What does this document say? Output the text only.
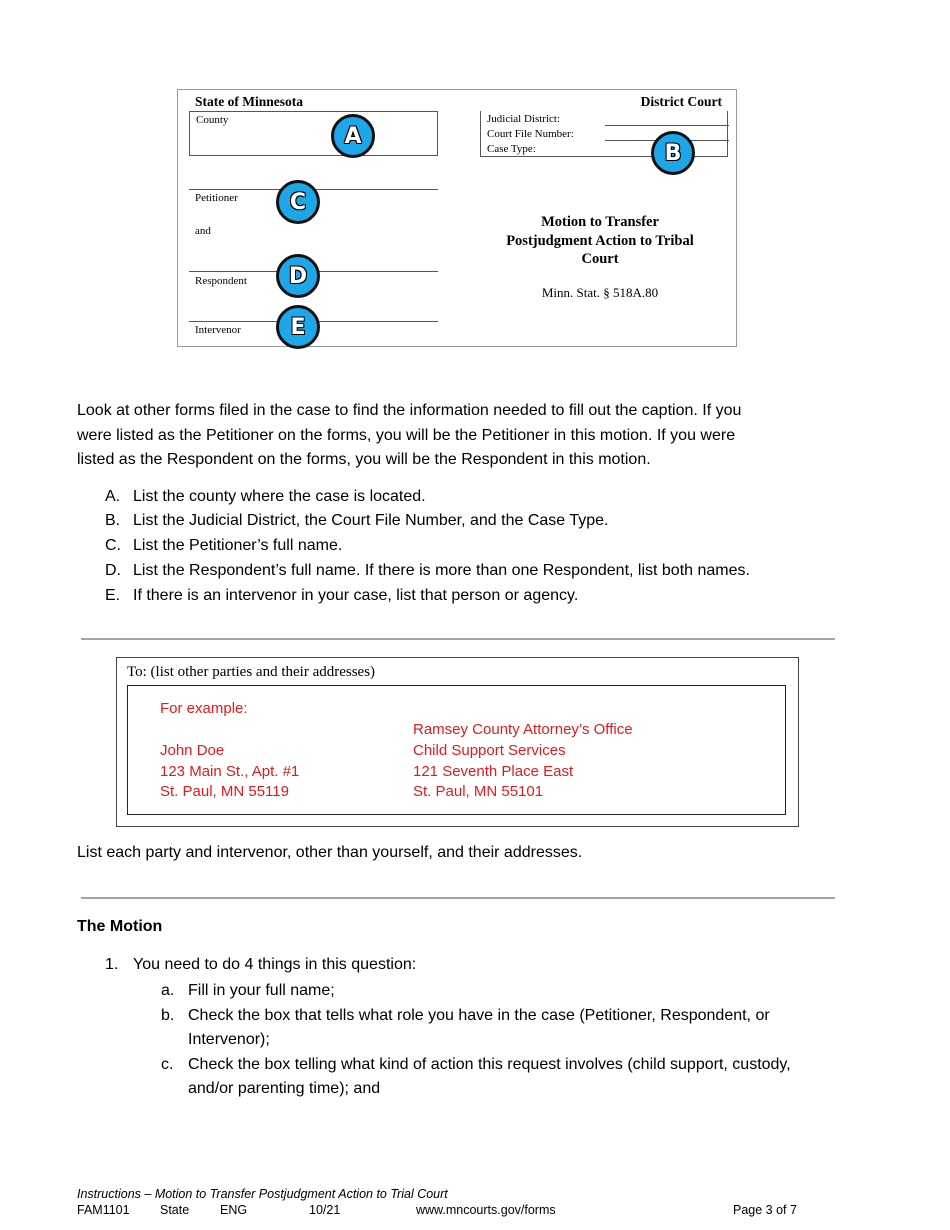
State of Minnesota	District Court
County	Judicial District:
Court File Number:
Case Type:
Petitioner
and
Respondent
Intervenor
Motion to Transfer
Postjudgment Action to Tribal
Court
Minn. Stat. § 518A.80
A
B
C
D
E
Look at other forms filed in the case to find the information needed to fill out the caption. If you
were listed as the Petitioner on the forms, you will be the Petitioner in this motion. If you were
listed as the Respondent on the forms, you will be the Respondent in this motion.
A. List the county where the case is located.
B. List the Judicial District, the Court File Number, and the Case Type.
C. List the Petitioner’s full name.
D. List the Respondent’s full name. If there is more than one Respondent, list both names.
E. If there is an intervenor in your case, list that person or agency.
To: (list other parties and their addresses)
For example:
John Doe
123 Main St., Apt. #1
St. Paul, MN 55119
Ramsey County Attorney’s Office
Child Support Services
121 Seventh Place East
St. Paul, MN 55101
List each party and intervenor, other than yourself, and their addresses.
The Motion
1. You need to do 4 things in this question:
a. Fill in your full name;
b. Check the box that tells what role you have in the case (Petitioner, Respondent, or
Intervenor);
c. Check the box telling what kind of action this request involves (child support, custody,
and/or parenting time); and
Instructions – Motion to Transfer Postjudgment Action to Trial Court
FAM1101 State ENG	10/21	www.mncourts.gov/forms	Page 3 of 7
